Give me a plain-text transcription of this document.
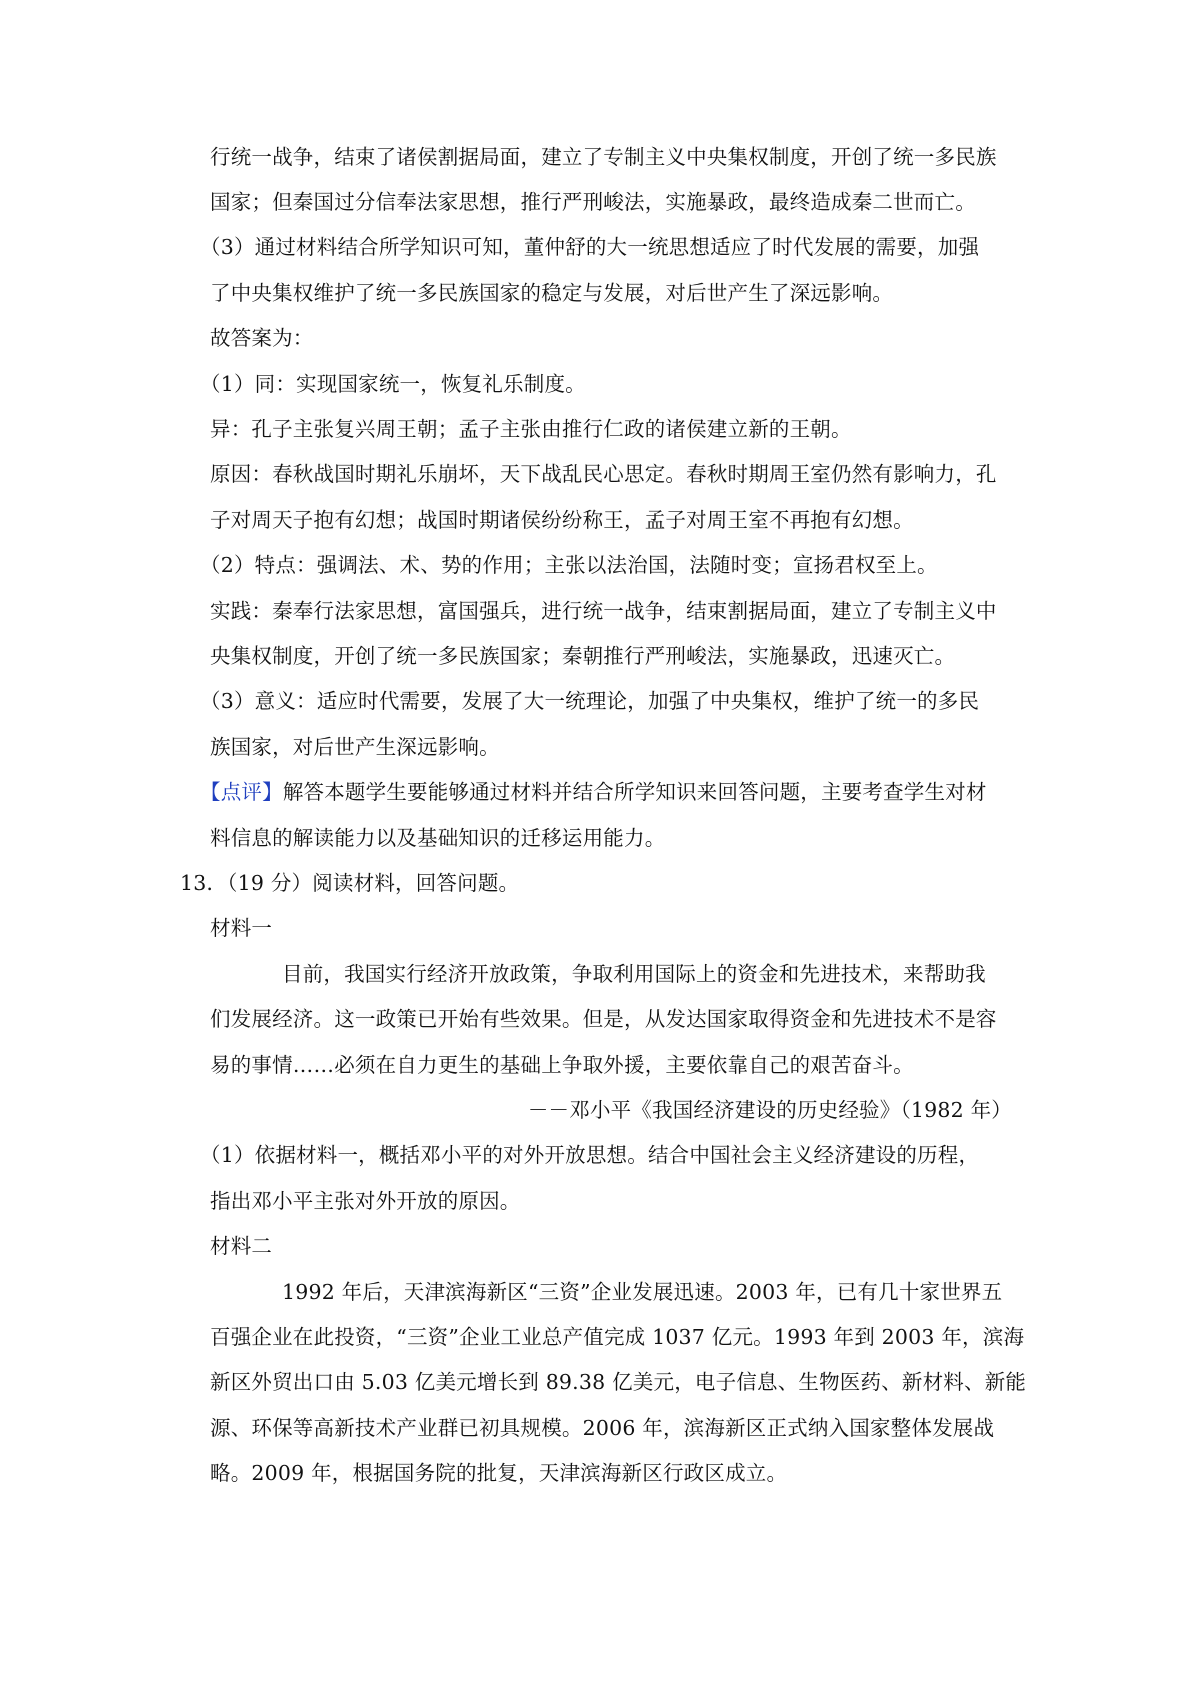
行统一战争，结束了诸侯割据局面，建立了专制主义中央集权制度，开创了统一多民族
国家；但秦国过分信奉法家思想，推行严刑峻法，实施暴政，最终造成秦二世而亡。
（3）通过材料结合所学知识可知，董仲舒的大一统思想适应了时代发展的需要，加强
了中央集权维护了统一多民族国家的稳定与发展，对后世产生了深远影响。
故答案为：
（1）同：实现国家统一，恢复礼乐制度。
异：孔子主张复兴周王朝；孟子主张由推行仁政的诸侯建立新的王朝。
原因：春秋战国时期礼乐崩坏，天下战乱民心思定。春秋时期周王室仍然有影响力，孔
子对周天子抱有幻想；战国时期诸侯纷纷称王，孟子对周王室不再抱有幻想。
（2）特点：强调法、术、势的作用；主张以法治国，法随时变；宣扬君权至上。
实践：秦奉行法家思想，富国强兵，进行统一战争，结束割据局面，建立了专制主义中
央集权制度，开创了统一多民族国家；秦朝推行严刑峻法，实施暴政，迅速灭亡。
（3）意义：适应时代需要，发展了大一统理论，加强了中央集权，维护了统一的多民
族国家，对后世产生深远影响。
【点评】解答本题学生要能够通过材料并结合所学知识来回答问题，主要考查学生对材
料信息的解读能力以及基础知识的迁移运用能力。
13．（19 分）阅读材料，回答问题。
材料一
目前，我国实行经济开放政策，争取利用国际上的资金和先进技术，来帮助我
们发展经济。这一政策已开始有些效果。但是，从发达国家取得资金和先进技术不是容
易的事情……必须在自力更生的基础上争取外援，主要依靠自己的艰苦奋斗。
－－邓小平《我国经济建设的历史经验》（1982 年）
（1）依据材料一，概括邓小平的对外开放思想。结合中国社会主义经济建设的历程，
指出邓小平主张对外开放的原因。
材料二
1992 年后，天津滨海新区“三资”企业发展迅速。2003 年，已有几十家世界五
百强企业在此投资，“三资”企业工业总产值完成 1037 亿元。1993 年到 2003 年，滨海
新区外贸出口由 5.03 亿美元增长到 89.38 亿美元，电子信息、生物医药、新材料、新能
源、环保等高新技术产业群已初具规模。2006 年，滨海新区正式纳入国家整体发展战
略。2009 年，根据国务院的批复，天津滨海新区行政区成立。
